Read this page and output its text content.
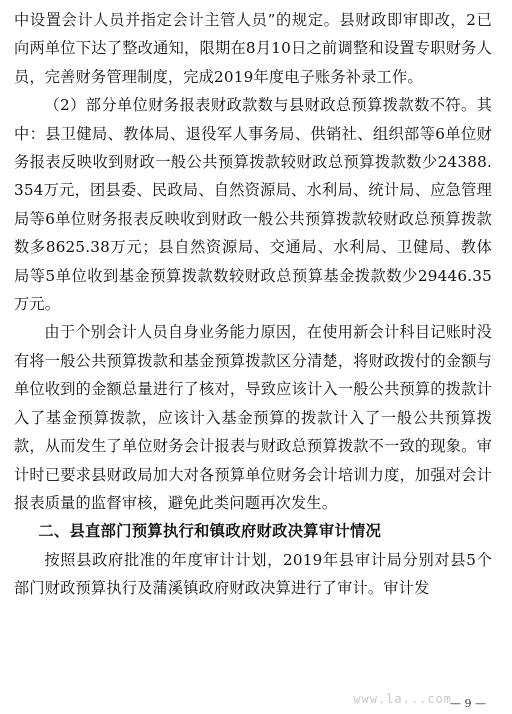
中设置会计人员并指定会计主管人员”的规定。县财政即审即改，2已向两单位下达了整改通知，限期在8月10日之前调整和设置专职财务人员，完善财务管理制度，完成2019年度电子账务补录工作。

（2）部分单位财务报表财政款数与县财政总预算拨款数不符。其中：县卫健局、教体局、退役军人事务局、供销社、组织部等6单位财务报表反映收到财政一般公共预算拨款较财政总预算拨款数少24388.354万元，团县委、民政局、自然资源局、水利局、统计局、应急管理局等6单位财务报表反映收到财政一般公共预算拨款较财政总预算拨款数多8625.38万元；县自然资源局、交通局、水利局、卫健局、教体局等5单位收到基金预算拨款数较财政总预算基金拨款数少29446.35万元。

由于个别会计人员自身业务能力原因，在使用新会计科目记账时没有将一般公共预算拨款和基金预算拨款区分清楚，将财政拨付的金额与单位收到的金额总量进行了核对，导致应该计入一般公共预算的拨款计入了基金预算拨款，应该计入基金预算的拨款计入了一般公共预算拨款，从而发生了单位财务会计报表与财政总预算拨款不一致的现象。审计时已要求县财政局加大对各预算单位财务会计培训力度，加强对会计报表质量的监督审核，避免此类问题再次发生。

二、县直部门预算执行和镇政府财政决算审计情况

按照县政府批准的年度审计计划，2019年县审计局分别对县5个部门财政预算执行及蒲溪镇政府财政决算进行了审计。审计发

www.la...com
— 9 —
